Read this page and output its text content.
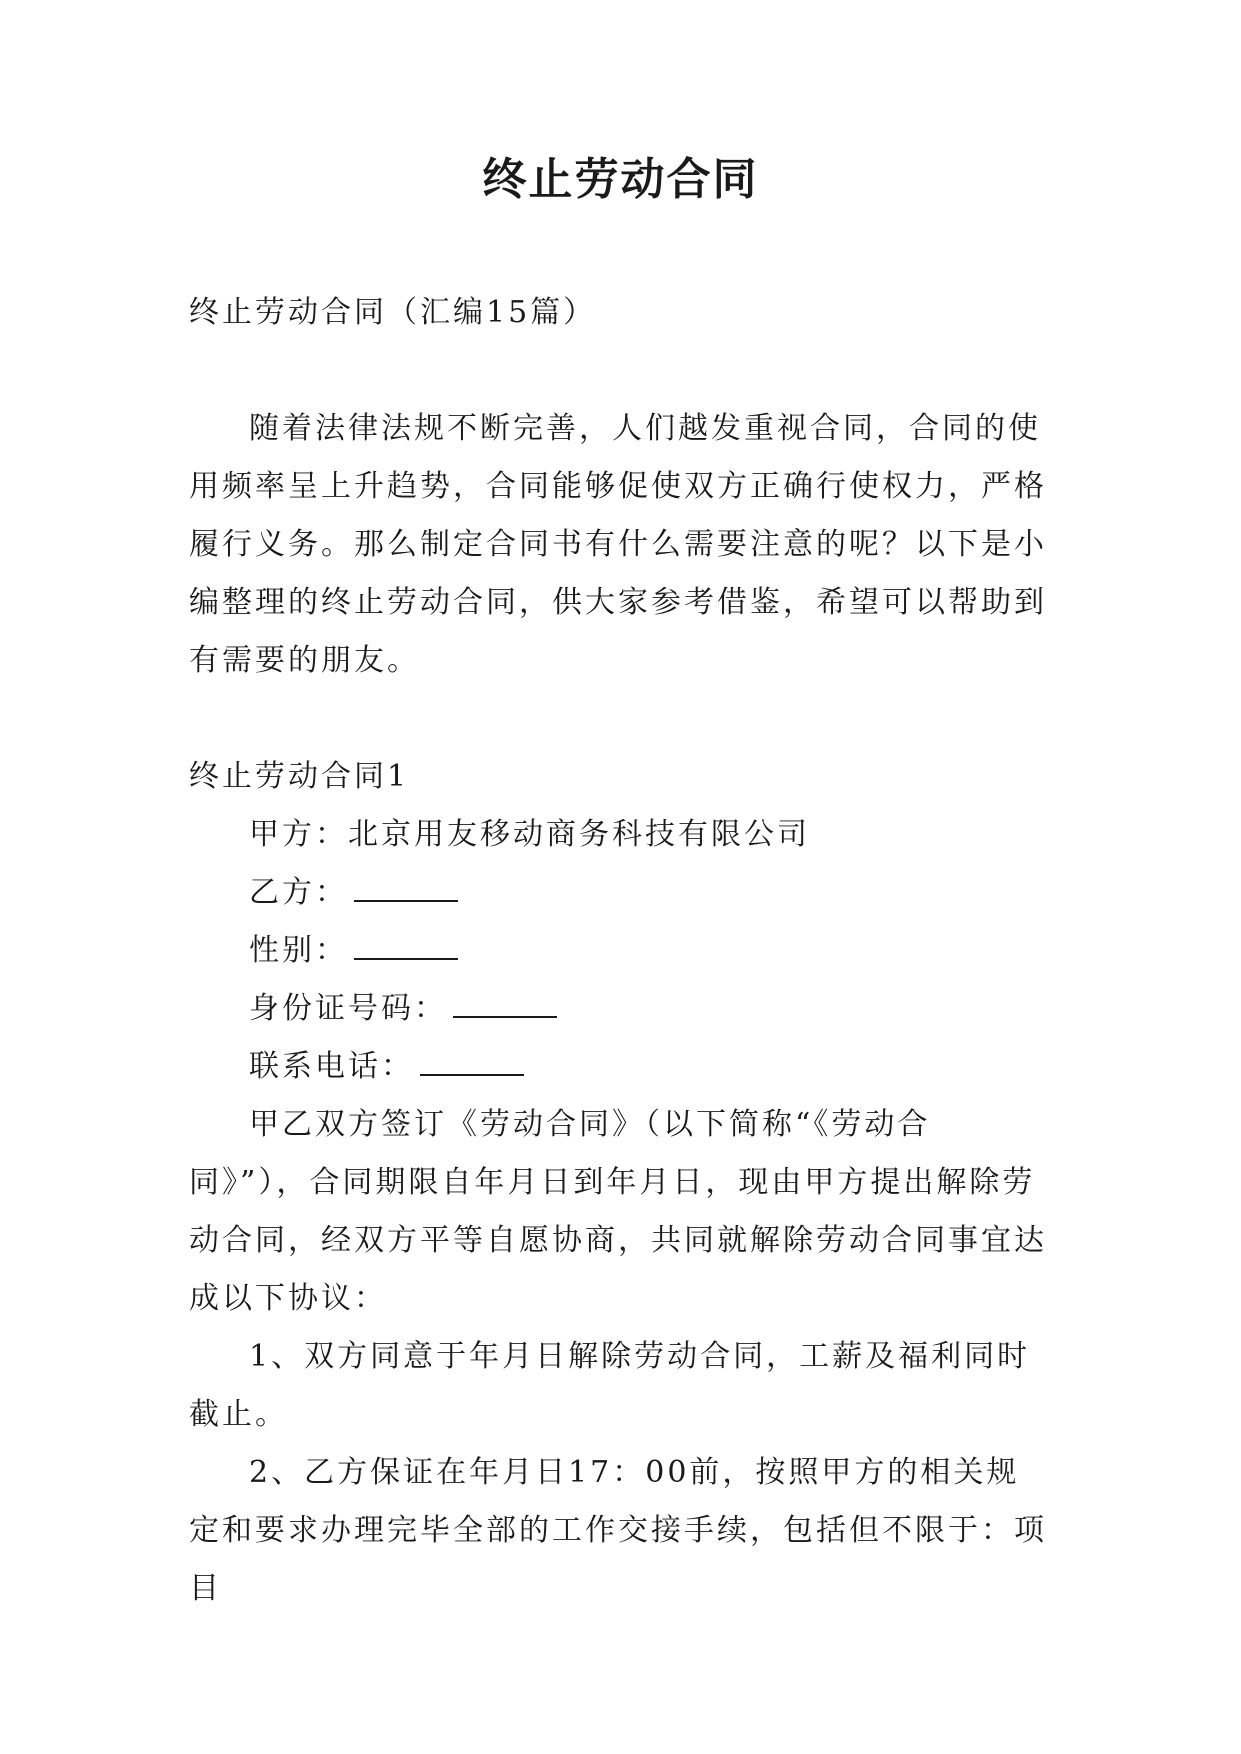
终止劳动合同

终止劳动合同（汇编15篇）

随着法律法规不断完善，人们越发重视合同，合同的使用频率呈上升趋势，合同能够促使双方正确行使权力，严格履行义务。那么制定合同书有什么需要注意的呢？以下是小编整理的终止劳动合同，供大家参考借鉴，希望可以帮助到有需要的朋友。

终止劳动合同1

甲方：北京用友移动商务科技有限公司

乙方：

性别：

身份证号码：

联系电话：

甲乙双方签订《劳动合同》（以下简称“《劳动合同》”），合同期限自年月日到年月日，现由甲方提出解除劳动合同，经双方平等自愿协商，共同就解除劳动合同事宜达成以下协议：

1、双方同意于年月日解除劳动合同，工薪及福利同时截止。

2、乙方保证在年月日17：00前，按照甲方的相关规定和要求办理完毕全部的工作交接手续，包括但不限于：项目
